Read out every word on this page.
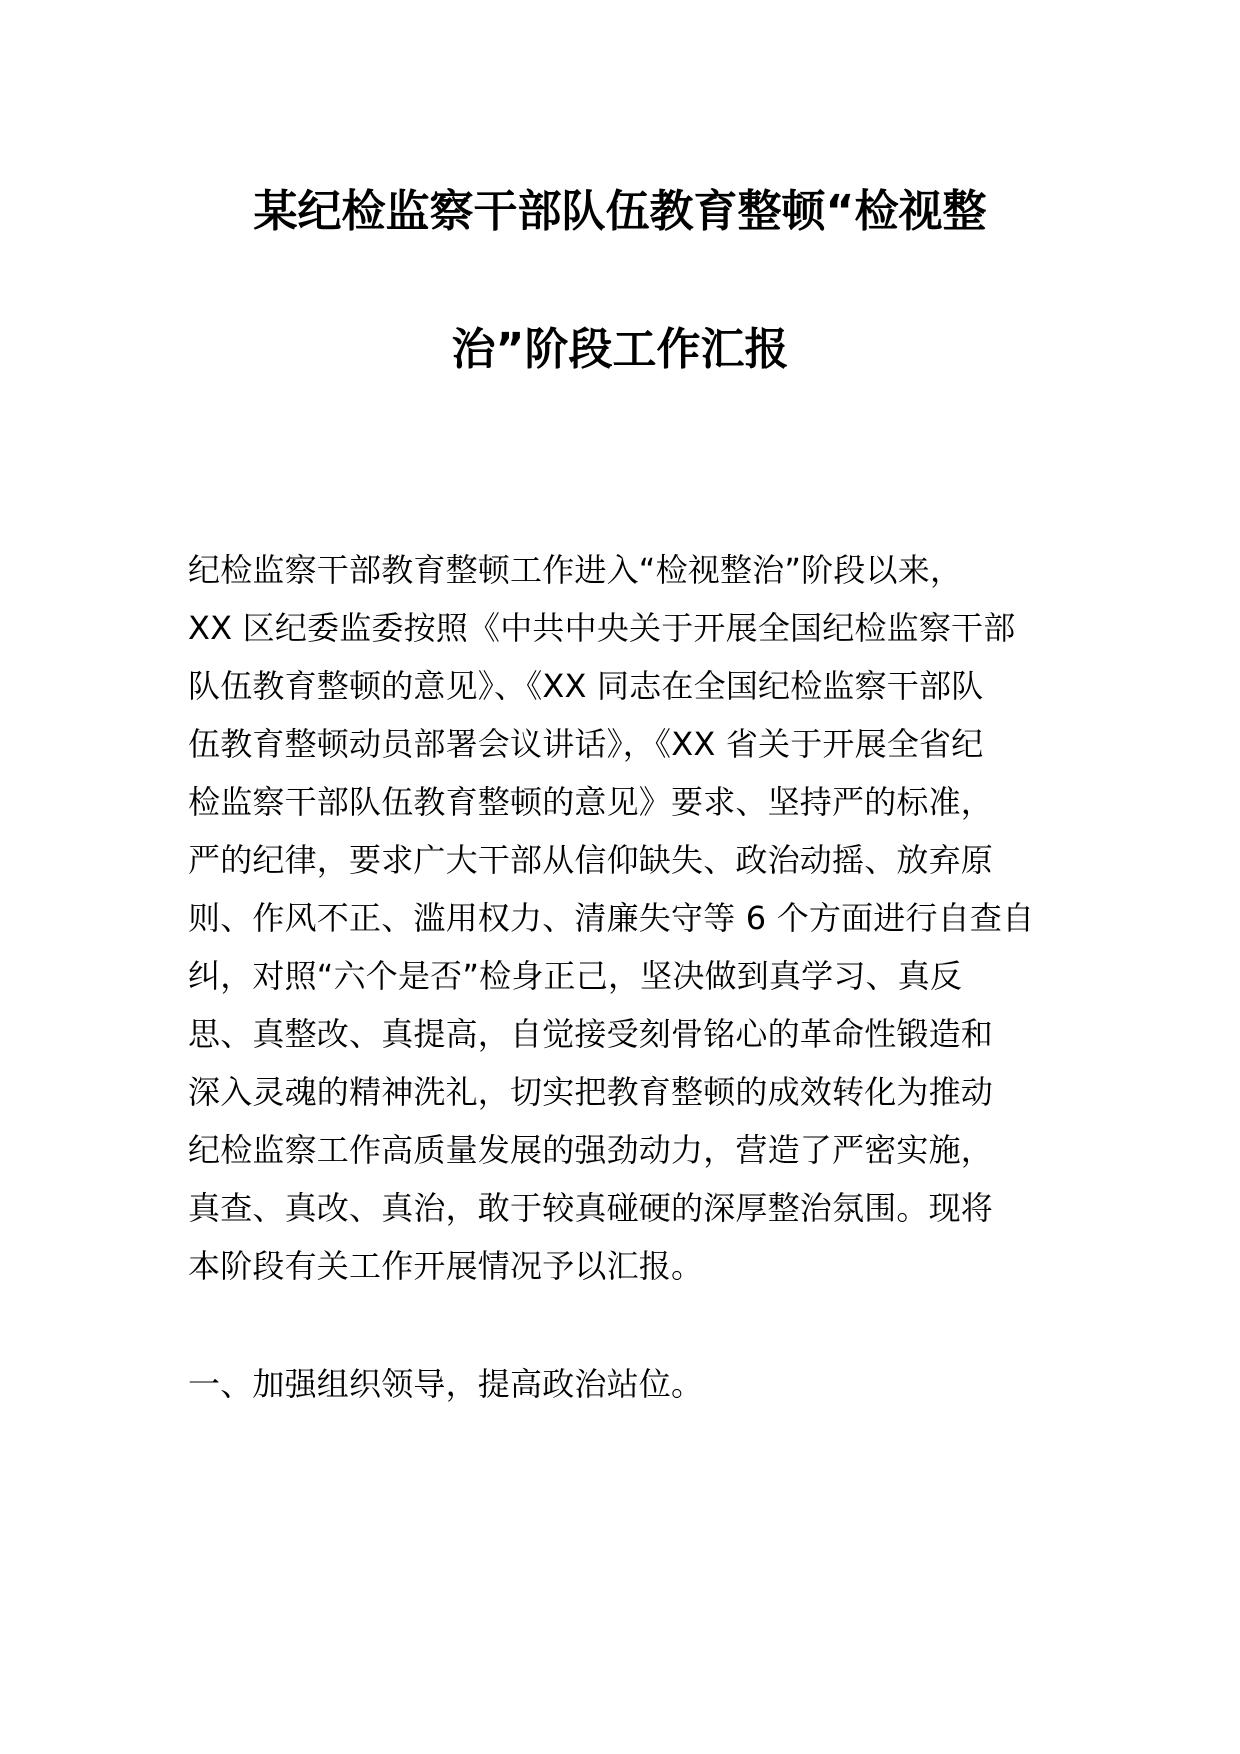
某纪检监察干部队伍教育整顿“检视整
治”阶段工作汇报
纪检监察干部教育整顿工作进入“检视整治”阶段以来，
XX 区纪委监委按照《中共中央关于开展全国纪检监察干部
队伍教育整顿的意见》、《XX 同志在全国纪检监察干部队
伍教育整顿动员部署会议讲话》，《XX 省关于开展全省纪
检监察干部队伍教育整顿的意见》要求、坚持严的标准，
严的纪律，要求广大干部从信仰缺失、政治动摇、放弃原
则、作风不正、滥用权力、清廉失守等 6 个方面进行自查自
纠，对照“六个是否”检身正己，坚决做到真学习、真反
思、真整改、真提高，自觉接受刻骨铭心的革命性锻造和
深入灵魂的精神洗礼，切实把教育整顿的成效转化为推动
纪检监察工作高质量发展的强劲动力，营造了严密实施，
真查、真改、真治，敢于较真碰硬的深厚整治氛围。现将
本阶段有关工作开展情况予以汇报。
一、加强组织领导，提高政治站位。
